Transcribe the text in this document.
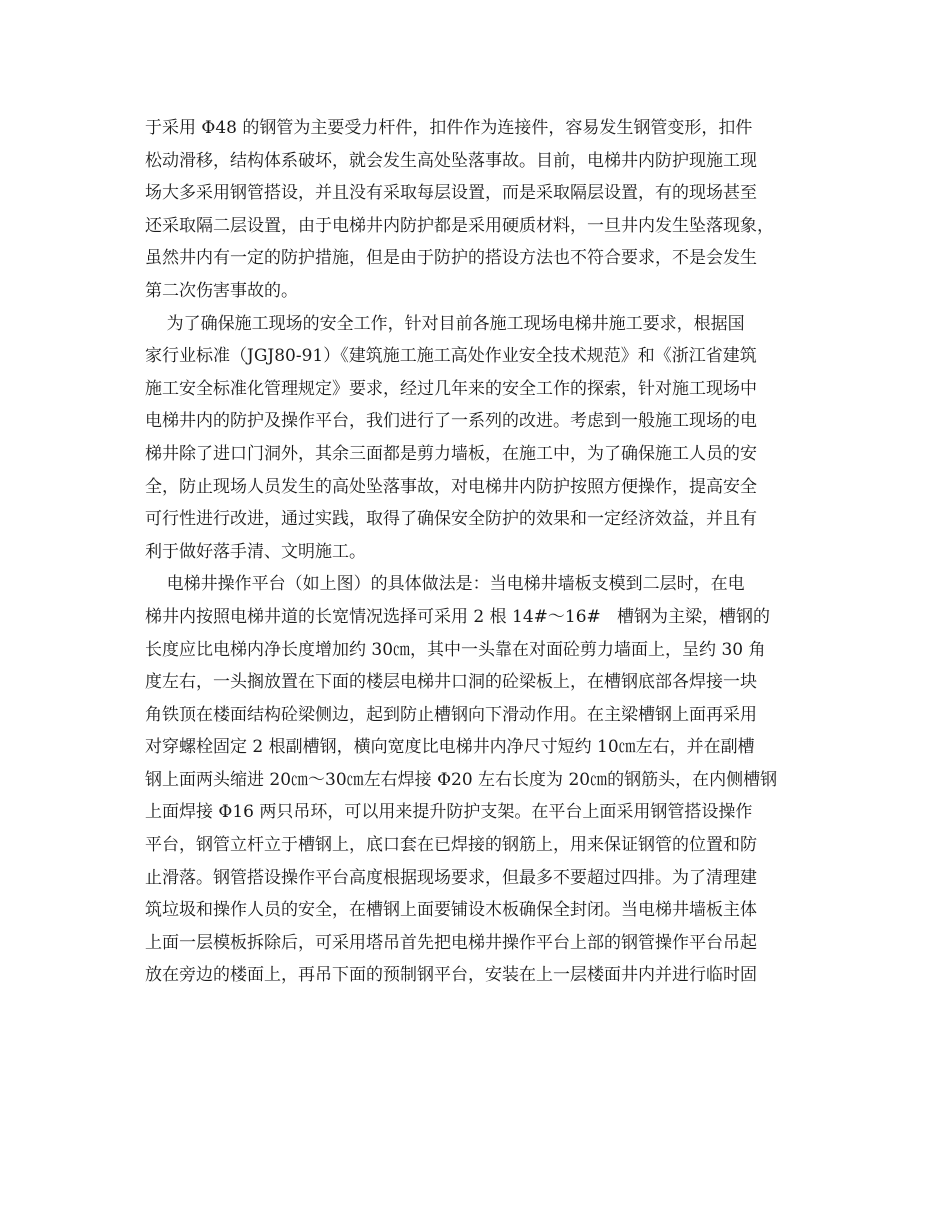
于采用 Φ48 的钢管为主要受力杆件，扣件作为连接件，容易发生钢管变形，扣件
松动滑移，结构体系破坏，就会发生高处坠落事故。目前，电梯井内防护现施工现
场大多采用钢管搭设，并且没有采取每层设置，而是采取隔层设置，有的现场甚至
还采取隔二层设置，由于电梯井内防护都是采用硬质材料，一旦井内发生坠落现象，
虽然井内有一定的防护措施，但是由于防护的搭设方法也不符合要求，不是会发生
第二次伤害事故的。

为了确保施工现场的安全工作，针对目前各施工现场电梯井施工要求，根据国
家行业标准（JGJ80-91）《建筑施工施工高处作业安全技术规范》和《浙江省建筑
施工安全标准化管理规定》要求，经过几年来的安全工作的探索，针对施工现场中
电梯井内的防护及操作平台，我们进行了一系列的改进。考虑到一般施工现场的电
梯井除了进口门洞外，其余三面都是剪力墙板，在施工中，为了确保施工人员的安
全，防止现场人员发生的高处坠落事故，对电梯井内防护按照方便操作，提高安全
可行性进行改进，通过实践，取得了确保安全防护的效果和一定经济效益，并且有
利于做好落手清、文明施工。

电梯井操作平台（如上图）的具体做法是：当电梯井墙板支模到二层时，在电
梯井内按照电梯井道的长宽情况选择可采用 2 根 14#～16#   槽钢为主梁，槽钢的
长度应比电梯内净长度增加约 30㎝，其中一头靠在对面砼剪力墙面上，呈约 30 角
度左右，一头搁放置在下面的楼层电梯井口洞的砼梁板上，在槽钢底部各焊接一块
角铁顶在楼面结构砼梁侧边，起到防止槽钢向下滑动作用。在主梁槽钢上面再采用
对穿螺栓固定 2 根副槽钢，横向宽度比电梯井内净尺寸短约 10㎝左右，并在副槽
钢上面两头缩进 20㎝～30㎝左右焊接 Φ20 左右长度为 20㎝的钢筋头，在内侧槽钢
上面焊接 Φ16 两只吊环，可以用来提升防护支架。在平台上面采用钢管搭设操作
平台，钢管立杆立于槽钢上，底口套在已焊接的钢筋上，用来保证钢管的位置和防
止滑落。钢管搭设操作平台高度根据现场要求，但最多不要超过四排。为了清理建
筑垃圾和操作人员的安全，在槽钢上面要铺设木板确保全封闭。当电梯井墙板主体
上面一层模板拆除后，可采用塔吊首先把电梯井操作平台上部的钢管操作平台吊起
放在旁边的楼面上，再吊下面的预制钢平台，安装在上一层楼面井内并进行临时固
